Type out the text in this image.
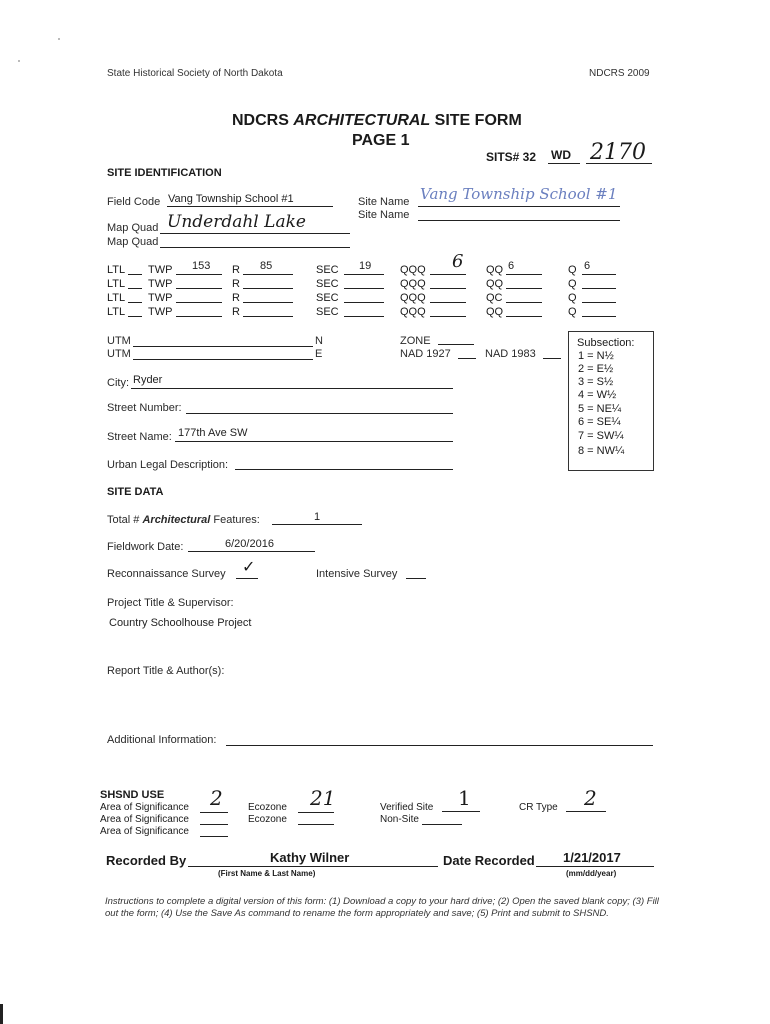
State Historical Society of North Dakota	NDCRS 2009
NDCRS ARCHITECTURAL SITE FORM
PAGE 1
SITS# 32 WD 2170
SITE IDENTIFICATION
Field Code Vang Township School #1	Site Name Vang Township School #1
Site Name
Map Quad Underdahl Lake
Map Quad
LTL TWP 153 R 85	SEC 19	QQQ 6 QQ 6	Q 6
LTL TWP	R	SEC	QQQ	QQ	Q
LTL TWP	R	SEC	QQQ	QC	Q
LTL TWP	R	SEC	QQQ	QQ	Q
UTM	N
UTM	E
ZONE
NAD 1927	NAD 1983
Subsection:
1 = N½
2 = E½
3 = S½
4 = W½
5 = NE¼
6 = SE¼
7 = SW¼
8 = NW¼
City: Ryder
Street Number:
Street Name: 177th Ave SW
Urban Legal Description:
SITE DATA
Total # Architectural Features:	1
Fieldwork Date:	6/20/2016
Reconnaissance Survey ✓	Intensive Survey
Project Title & Supervisor:
Country Schoolhouse Project
Report Title & Author(s):
Additional Information:
SHSND USE
Area of Significance 2
Area of Significance
Area of Significance
Ecozone 21
Ecozone
Verified Site 1
Non-Site
CR Type 2
Recorded By	Kathy Wilner
(First Name & Last Name)
Date Recorded 1/21/2017
(mm/dd/year)
Instructions to complete a digital version of this form: (1) Download a copy to your hard drive; (2) Open the saved blank copy; (3) Fill out the form; (4) Use the Save As command to rename the form appropriately and save; (5) Print and submit to SHSND.
